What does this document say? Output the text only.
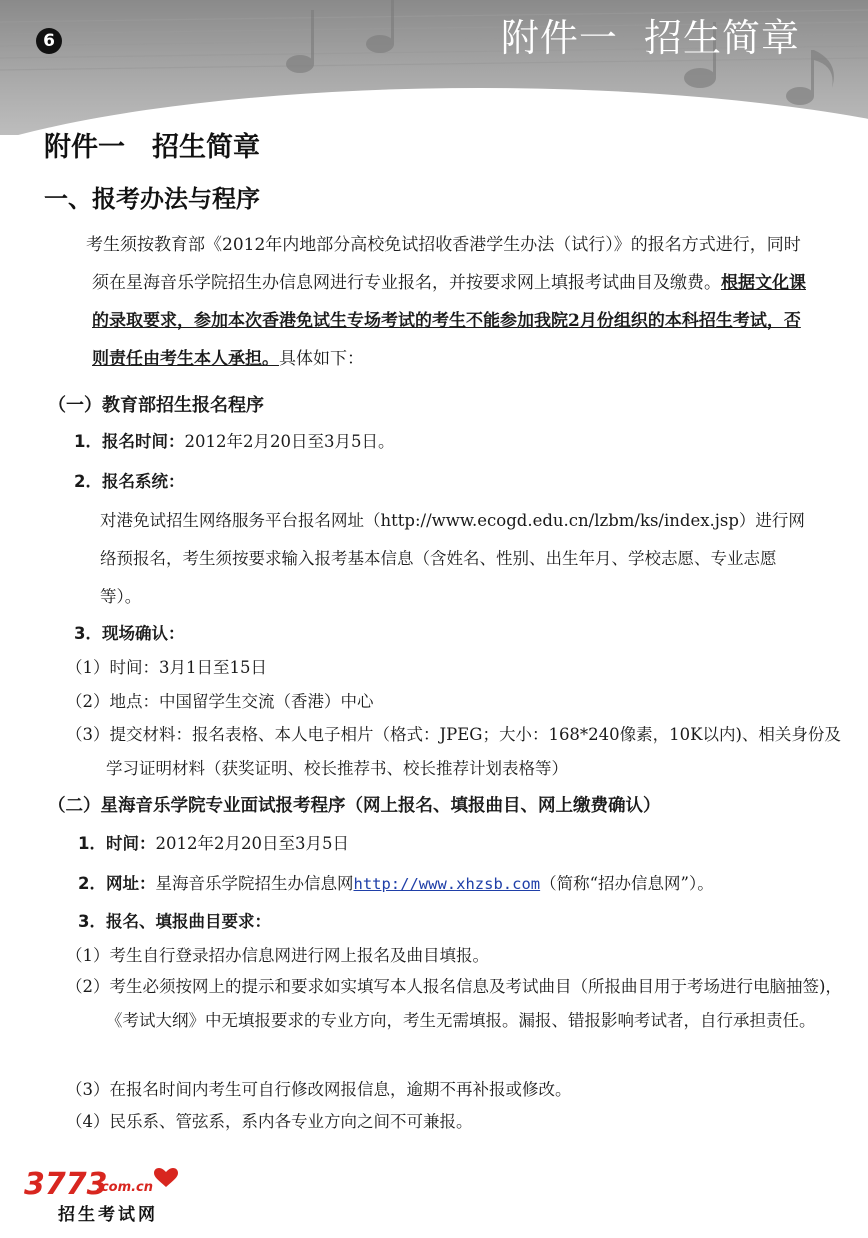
6	附件一  招生简章
附件一　招生简章
一、报考办法与程序
考生须按教育部《2012年内地部分高校免试招收香港学生办法（试行）》的报名方式进行，同时须在星海音乐学院招生办信息网进行专业报名，并按要求网上填报考试曲目及缴费。根据文化课的录取要求，参加本次香港免试生专场考试的考生不能参加我院2月份组织的本科招生考试，否则责任由考生本人承担。具体如下：
（一）教育部招生报名程序
1．报名时间：2012年2月20日至3月5日。
2．报名系统：
对港免试招生网络服务平台报名网址（http://www.ecogd.edu.cn/lzbm/ks/index.jsp）进行网络预报名，考生须按要求输入报考基本信息（含姓名、性别、出生年月、学校志愿、专业志愿等）。
3．现场确认：
（1）时间：3月1日至15日
（2）地点：中国留学生交流（香港）中心
（3）提交材料：报名表格、本人电子相片（格式：JPEG；大小：168*240像素，10K以内)、相关身份及学习证明材料（获奖证明、校长推荐书、校长推荐计划表格等）
（二）星海音乐学院专业面试报考程序（网上报名、填报曲目、网上缴费确认）
1．时间：2012年2月20日至3月5日
2．网址：星海音乐学院招生办信息网http://www.xhzsb.com（简称“招办信息网”）。
3．报名、填报曲目要求：
（1）考生自行登录招办信息网进行网上报名及曲目填报。
（2）考生必须按网上的提示和要求如实填写本人报名信息及考试曲目（所报曲目用于考场进行电脑抽签)，《考试大纲》中无填报要求的专业方向，考生无需填报。漏报、错报影响考试者，自行承担责任。
（3）在报名时间内考生可自行修改网报信息，逾期不再补报或修改。
（4）民乐系、管弦系，系内各专业方向之间不可兼报。
3773
.com.cn
招生考试网
